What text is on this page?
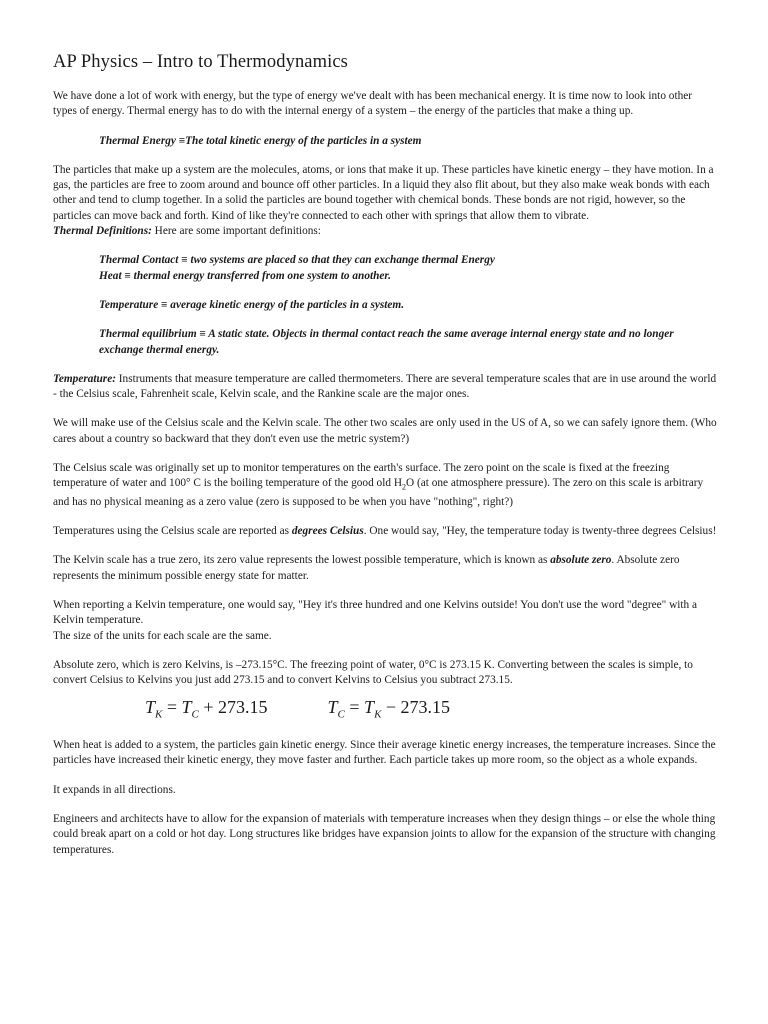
AP Physics – Intro to Thermodynamics

We have done a lot of work with energy, but the type of energy we've dealt with has been mechanical energy. It is time now to look into other types of energy. Thermal energy has to do with the internal energy of a system – the energy of the particles that make a thing up.

Thermal Energy ≡The total kinetic energy of the particles in a system

The particles that make up a system are the molecules, atoms, or ions that make it up. These particles have kinetic energy – they have motion. In a gas, the particles are free to zoom around and bounce off other particles. In a liquid they also flit about, but they also make weak bonds with each other and tend to clump together. In a solid the particles are bound together with chemical bonds. These bonds are not rigid, however, so the particles can move back and forth. Kind of like they're connected to each other with springs that allow them to vibrate.

Thermal Definitions: Here are some important definitions:

Thermal Contact ≡ two systems are placed so that they can exchange thermal Energy

Heat ≡ thermal energy transferred from one system to another.

Temperature ≡ average kinetic energy of the particles in a system.

Thermal equilibrium ≡ A static state. Objects in thermal contact reach the same average internal energy state and no longer exchange thermal energy.

Temperature: Instruments that measure temperature are called thermometers. There are several temperature scales that are in use around the world - the Celsius scale, Fahrenheit scale, Kelvin scale, and the Rankine scale are the major ones.

We will make use of the Celsius scale and the Kelvin scale. The other two scales are only used in the US of A, so we can safely ignore them. (Who cares about a country so backward that they don't even use the metric system?)

The Celsius scale was originally set up to monitor temperatures on the earth's surface. The zero point on the scale is fixed at the freezing temperature of water and 100° C is the boiling temperature of the good old $H_2O$ (at one atmosphere pressure). The zero on this scale is arbitrary and has no physical meaning as a zero value (zero is supposed to be when you have "nothing", right?)

Temperatures using the Celsius scale are reported as degrees Celsius. One would say, "Hey, the temperature today is twenty-three degrees Celsius!

The Kelvin scale has a true zero, its zero value represents the lowest possible temperature, which is known as absolute zero. Absolute zero represents the minimum possible energy state for matter.

When reporting a Kelvin temperature, one would say, "Hey it's three hundred and one Kelvins outside! You don't use the word "degree" with a Kelvin temperature.

The size of the units for each scale are the same.

Absolute zero, which is zero Kelvins, is –273.15°C. The freezing point of water, 0°C is 273.15 K. Converting between the scales is simple, to convert Celsius to Kelvins you just add 273.15 and to convert Kelvins to Celsius you subtract 273.15.

$T_K = T_C + 273.15$	$T_C = T_K - 273.15$

When heat is added to a system, the particles gain kinetic energy. Since their average kinetic energy increases, the temperature increases. Since the particles have increased their kinetic energy, they move faster and further. Each particle takes up more room, so the object as a whole expands.

It expands in all directions.

Engineers and architects have to allow for the expansion of materials with temperature increases when they design things – or else the whole thing could break apart on a cold or hot day. Long structures like bridges have expansion joints to allow for the expansion of the structure with changing temperatures.
